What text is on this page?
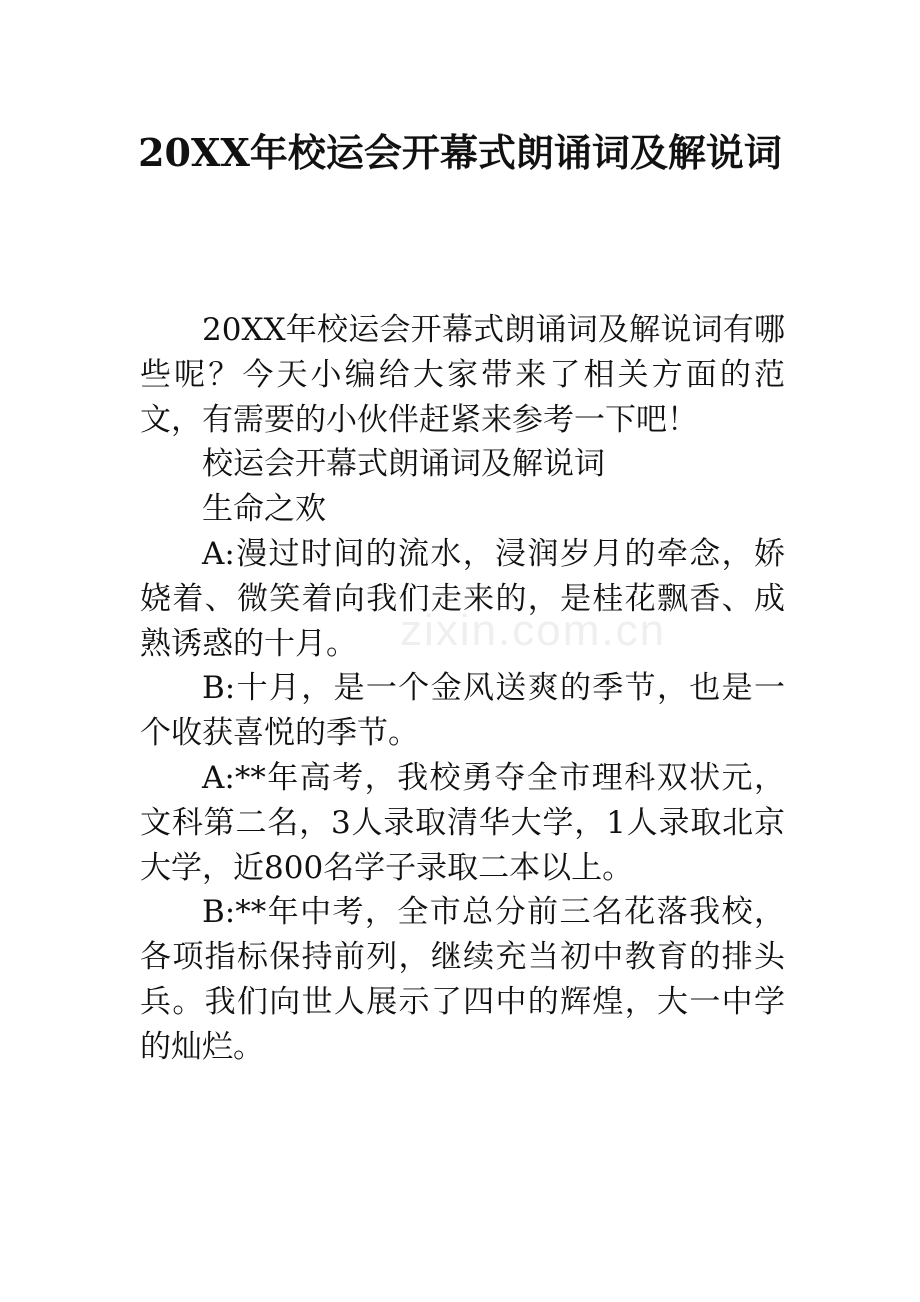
20XX年校运会开幕式朗诵词及解说词
zixin.com.cn

20XX年校运会开幕式朗诵词及解说词有哪些呢？今天小编给大家带来了相关方面的范文，有需要的小伙伴赶紧来参考一下吧！

校运会开幕式朗诵词及解说词

生命之欢

A:漫过时间的流水，浸润岁月的牵念，娇娆着、微笑着向我们走来的，是桂花飘香、成熟诱惑的十月。

B:十月，是一个金风送爽的季节，也是一个收获喜悦的季节。

A:**年高考，我校勇夺全市理科双状元，文科第二名，3人录取清华大学，1人录取北京大学，近800名学子录取二本以上。

B:**年中考，全市总分前三名花落我校，各项指标保持前列，继续充当初中教育的排头兵。我们向世人展示了四中的辉煌，大一中学的灿烂。
